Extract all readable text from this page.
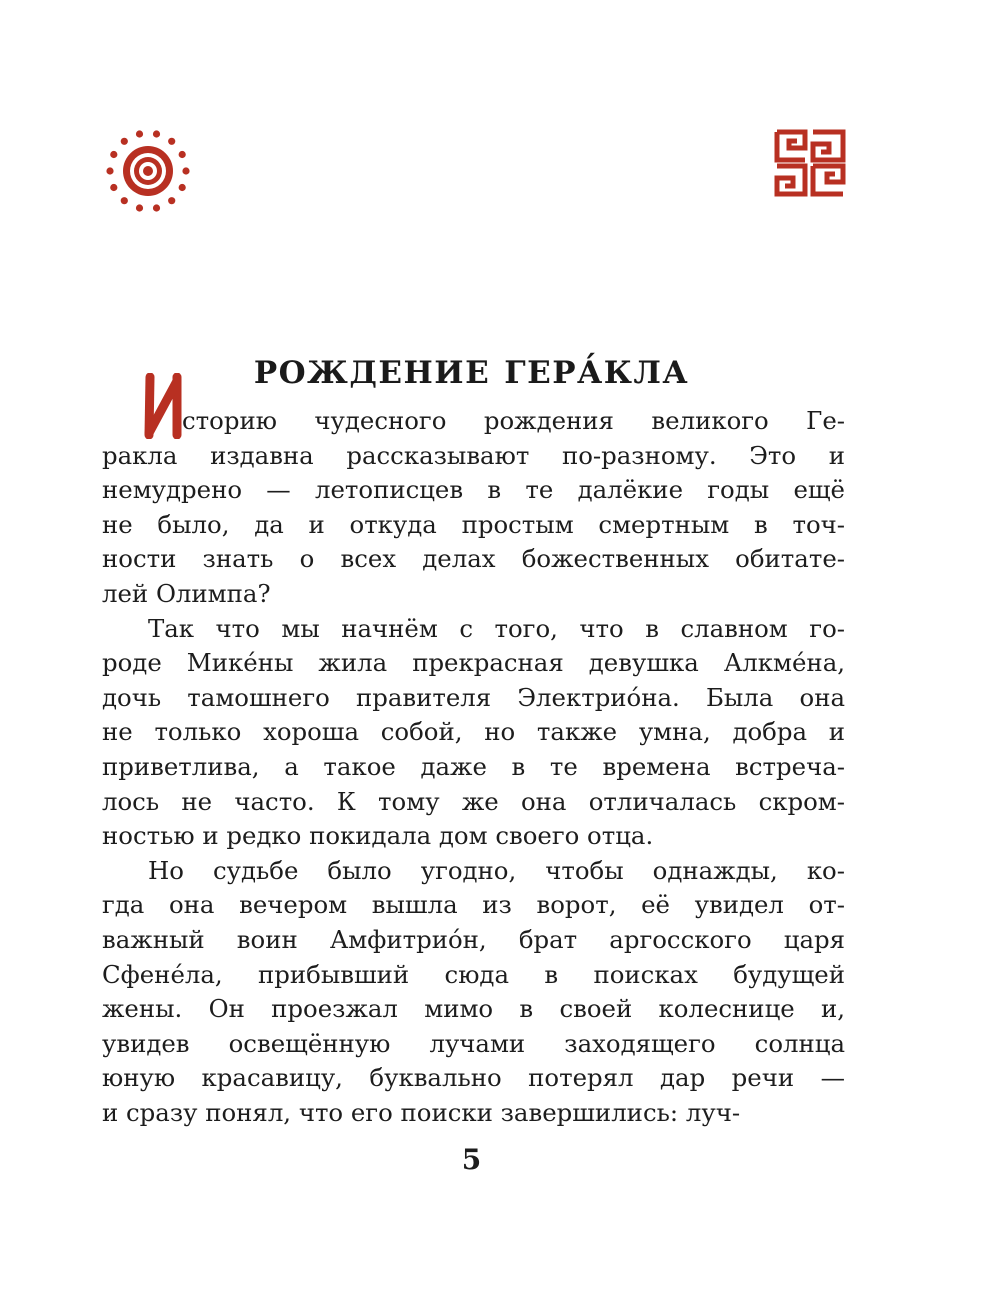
РОЖДЕНИЕ ГЕРА́КЛА
сторию чудесного рождения великого Ге-
ракла издавна рассказывают по-разному. Это и
немудрено — летописцев в те далёкие годы ещё
не было, да и откуда простым смертным в точ-
ности знать о всех делах божественных обитате-
лей Олимпа?
Так что мы начнём с того, что в славном го-
роде Мике́ны жила прекрасная девушка Алкме́на,
дочь тамошнего правителя Электрио́на. Была она
не только хороша собой, но также умна, добра и
приветлива, а такое даже в те времена встреча-
лось не часто. К тому же она отличалась скром-
ностью и редко покидала дом своего отца.
Но судьбе было угодно, чтобы однажды, ко-
гда она вечером вышла из ворот, её увидел от-
важный воин Амфитрио́н, брат аргосского царя
Сфене́ла, прибывший сюда в поисках будущей
жены. Он проезжал мимо в своей колеснице и,
увидев освещённую лучами заходящего солнца
юную красавицу, буквально потерял дар речи —
и сразу понял, что его поиски завершились: луч-
5
